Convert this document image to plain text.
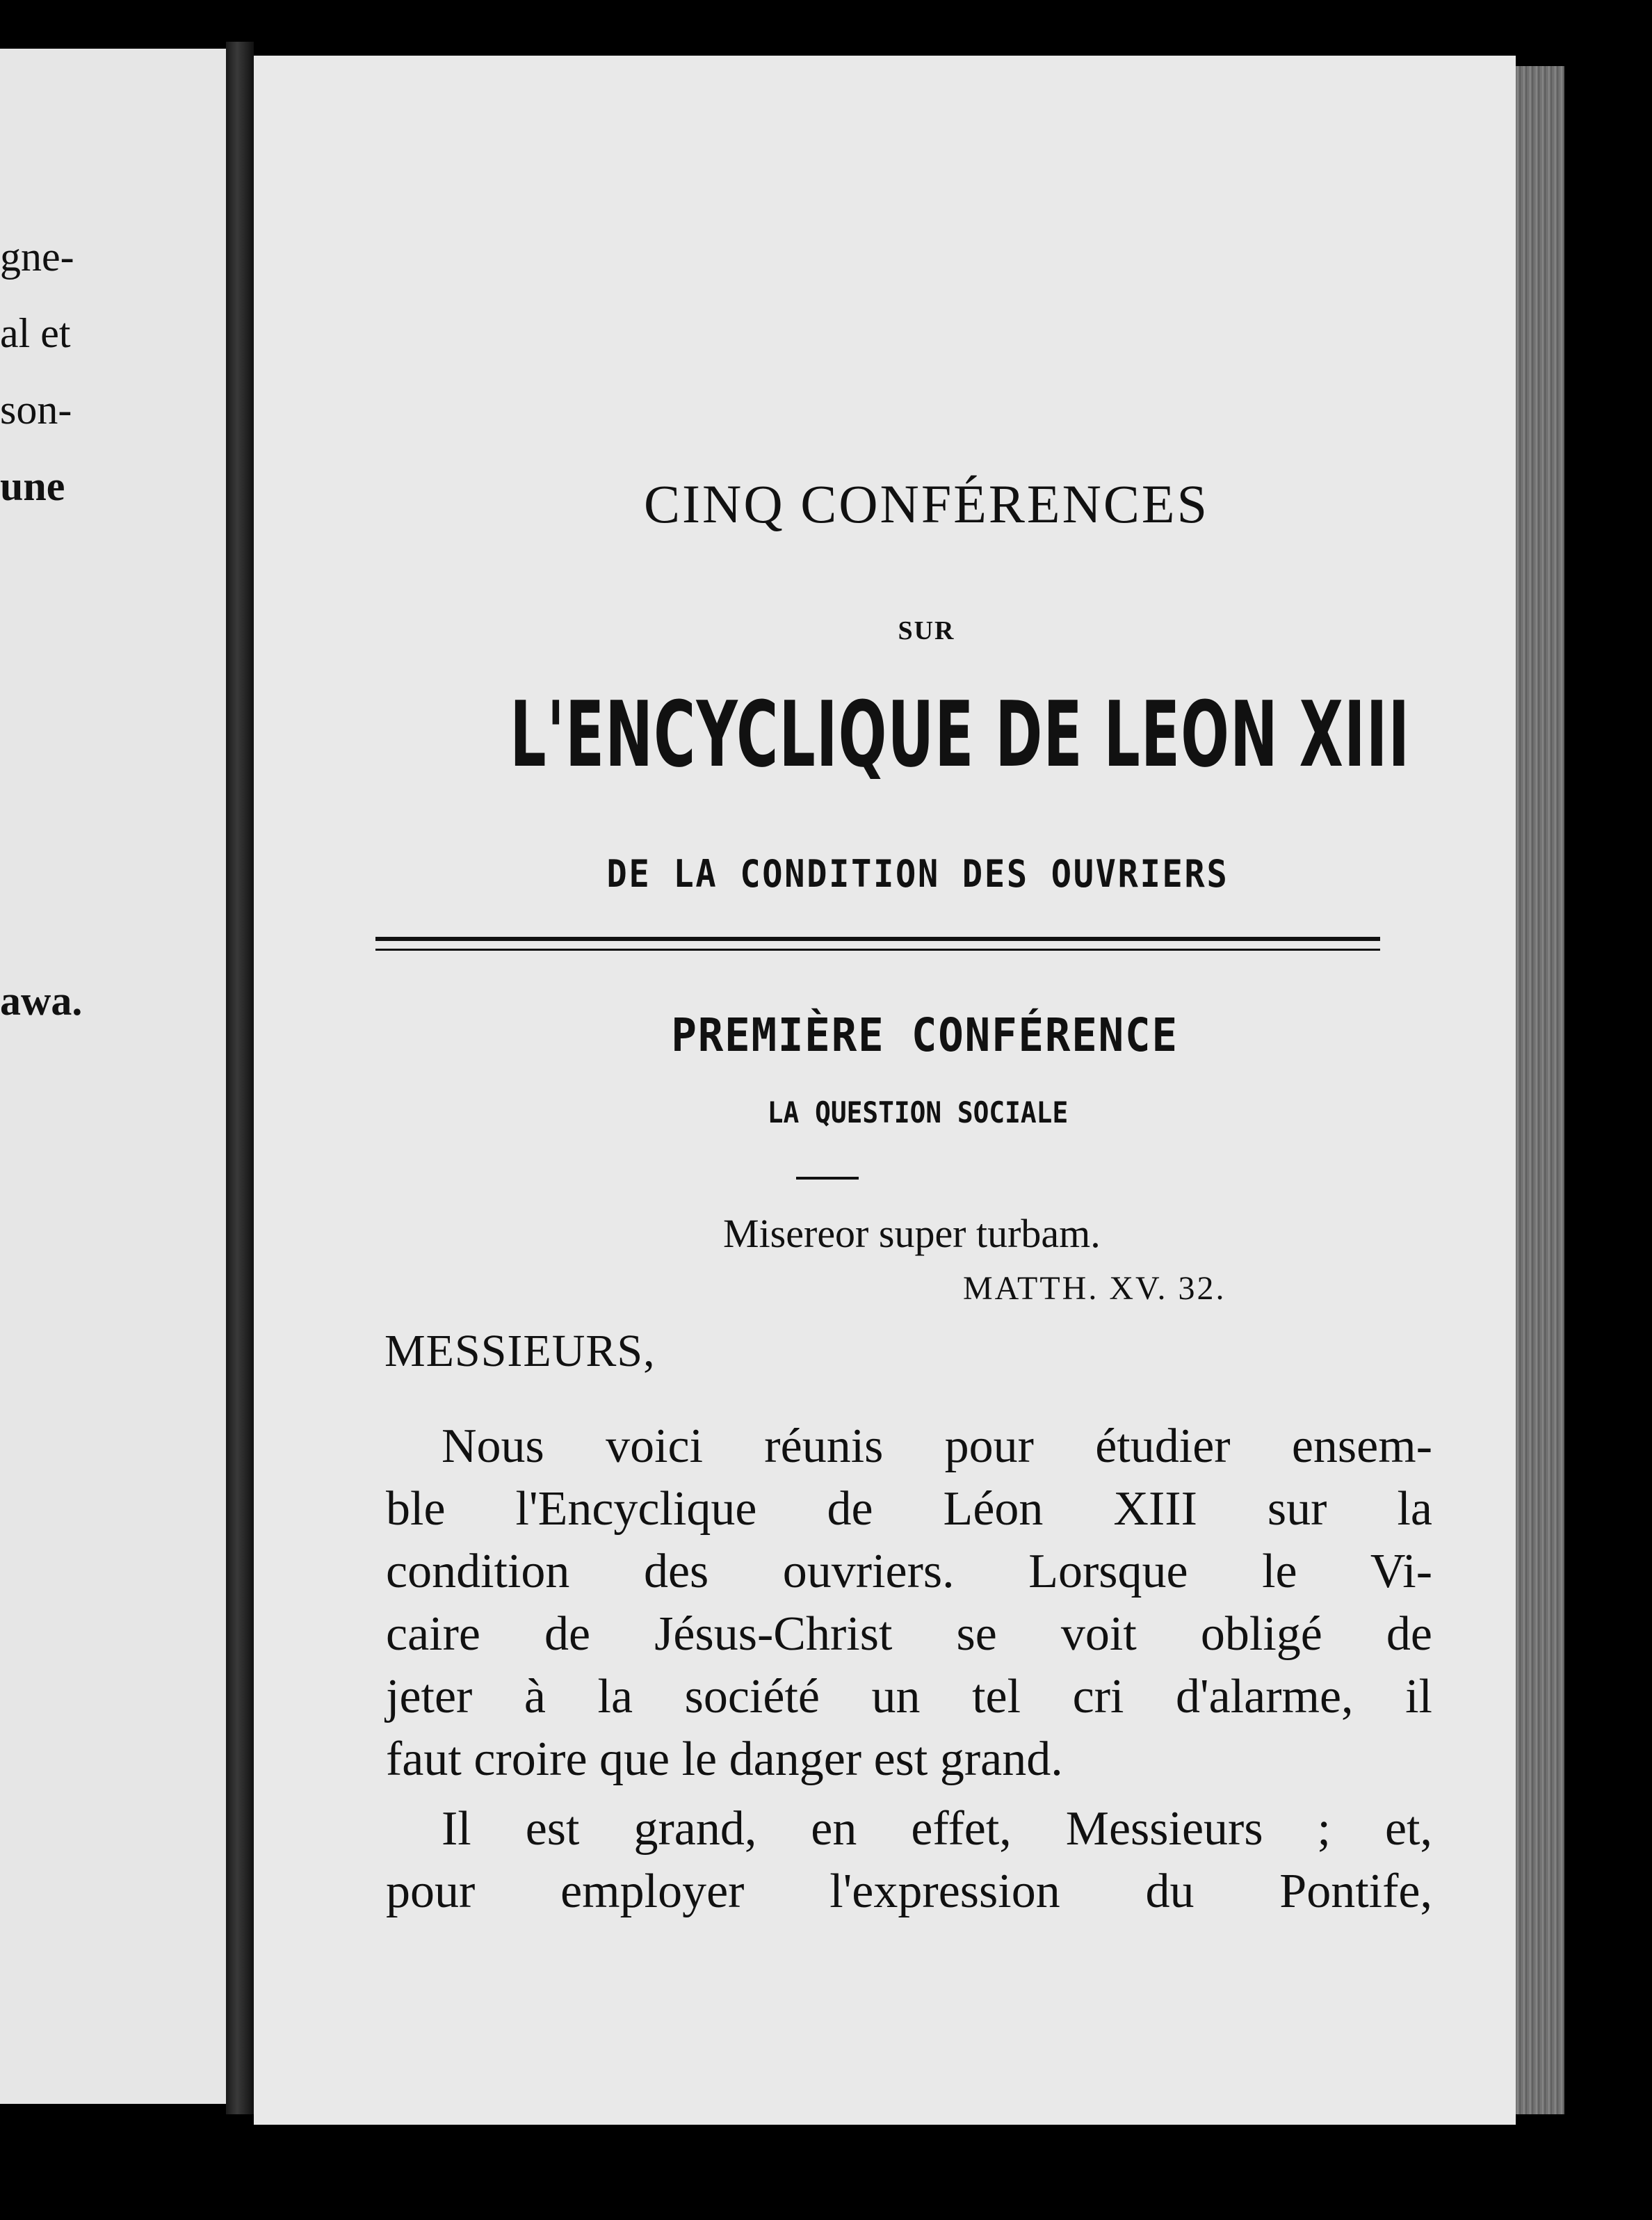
gne-
al et
son-
une
awa.
CINQ CONFÉRENCES
SUR
L'ENCYCLIQUE DE LEON XIII
DE LA CONDITION DES OUVRIERS
PREMIÈRE CONFÉRENCE
LA QUESTION SOCIALE
Misereor super turbam.
MATTH. XV. 32.
MESSIEURS,
Nous voici réunis pour étudier ensem-
ble l'Encyclique de Léon XIII sur la
condition des ouvriers. Lorsque le Vi-
caire de Jésus-Christ se voit obligé de
jeter à la société un tel cri d'alarme, il
faut croire que le danger est grand.
Il est grand, en effet, Messieurs ; et,
pour employer l'expression du Pontife,
